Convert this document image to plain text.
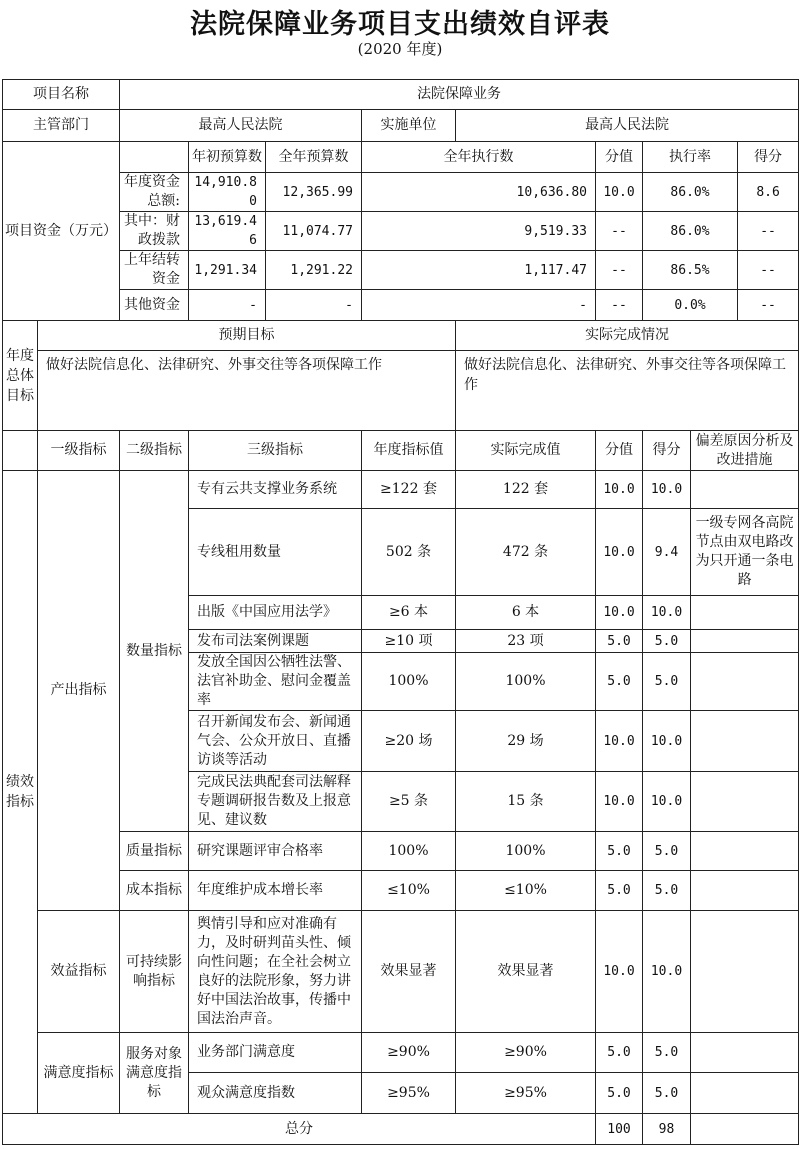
法院保障业务项目支出绩效自评表
(2020 年度)
项目名称		法院保障业务								
主管部门		最高人民法院			实施单位	最高人民法院				
项目资金（万元）			年初预算数	全年预算数	全年执行数		分值	执行率		得分
		年度资金总额:	14,910.80	12,365.99	10,636.80		10.0	86.0%		8.6
		其中：财政拨款	13,619.46	11,074.77	9,519.33		--	86.0%		--
		上年结转资金	1,291.34	1,291.22	1,117.47		--	86.5%		--
		其他资金	-	-	-		--	0.0%		--
年度总体目标	预期目标					实际完成情况				
	做好法院信息化、法律研究、外事交往等各项保障工作					做好法院信息化、法律研究、外事交往等各项保障工作				
	一级指标	二级指标	三级指标		年度指标值	实际完成值	分值	得分	偏差原因分析及改进措施	
绩效指标	产出指标	数量指标	专有云共支撑业务系统		≥122 套	122 套	10.0	10.0		
			专线租用数量		502 条	472 条	10.0	9.4	一级专网各高院节点由双电路改为只开通一条电路	
			出版《中国应用法学》		≥6 本	6 本	10.0	10.0		
			发布司法案例课题		≥10 项	23 项	5.0	5.0		
			发放全国因公牺牲法警、法官补助金、慰问金覆盖率		100%	100%	5.0	5.0		
			召开新闻发布会、新闻通气会、公众开放日、直播访谈等活动		≥20 场	29 场	10.0	10.0		
			完成民法典配套司法解释专题调研报告数及上报意见、建议数		≥5 条	15 条	10.0	10.0		
		质量指标	研究课题评审合格率		100%	100%	5.0	5.0		
		成本指标	年度维护成本增长率		≤10%	≤10%	5.0	5.0		
	效益指标	可持续影响指标	舆情引导和应对准确有力，及时研判苗头性、倾向性问题；在全社会树立良好的法院形象，努力讲好中国法治故事，传播中国法治声音。		效果显著	效果显著	10.0	10.0		
	满意度指标	服务对象满意度指标	业务部门满意度		≥90%	≥90%	5.0	5.0		
			观众满意度指数		≥95%	≥95%	5.0	5.0		
总分							100	98		
